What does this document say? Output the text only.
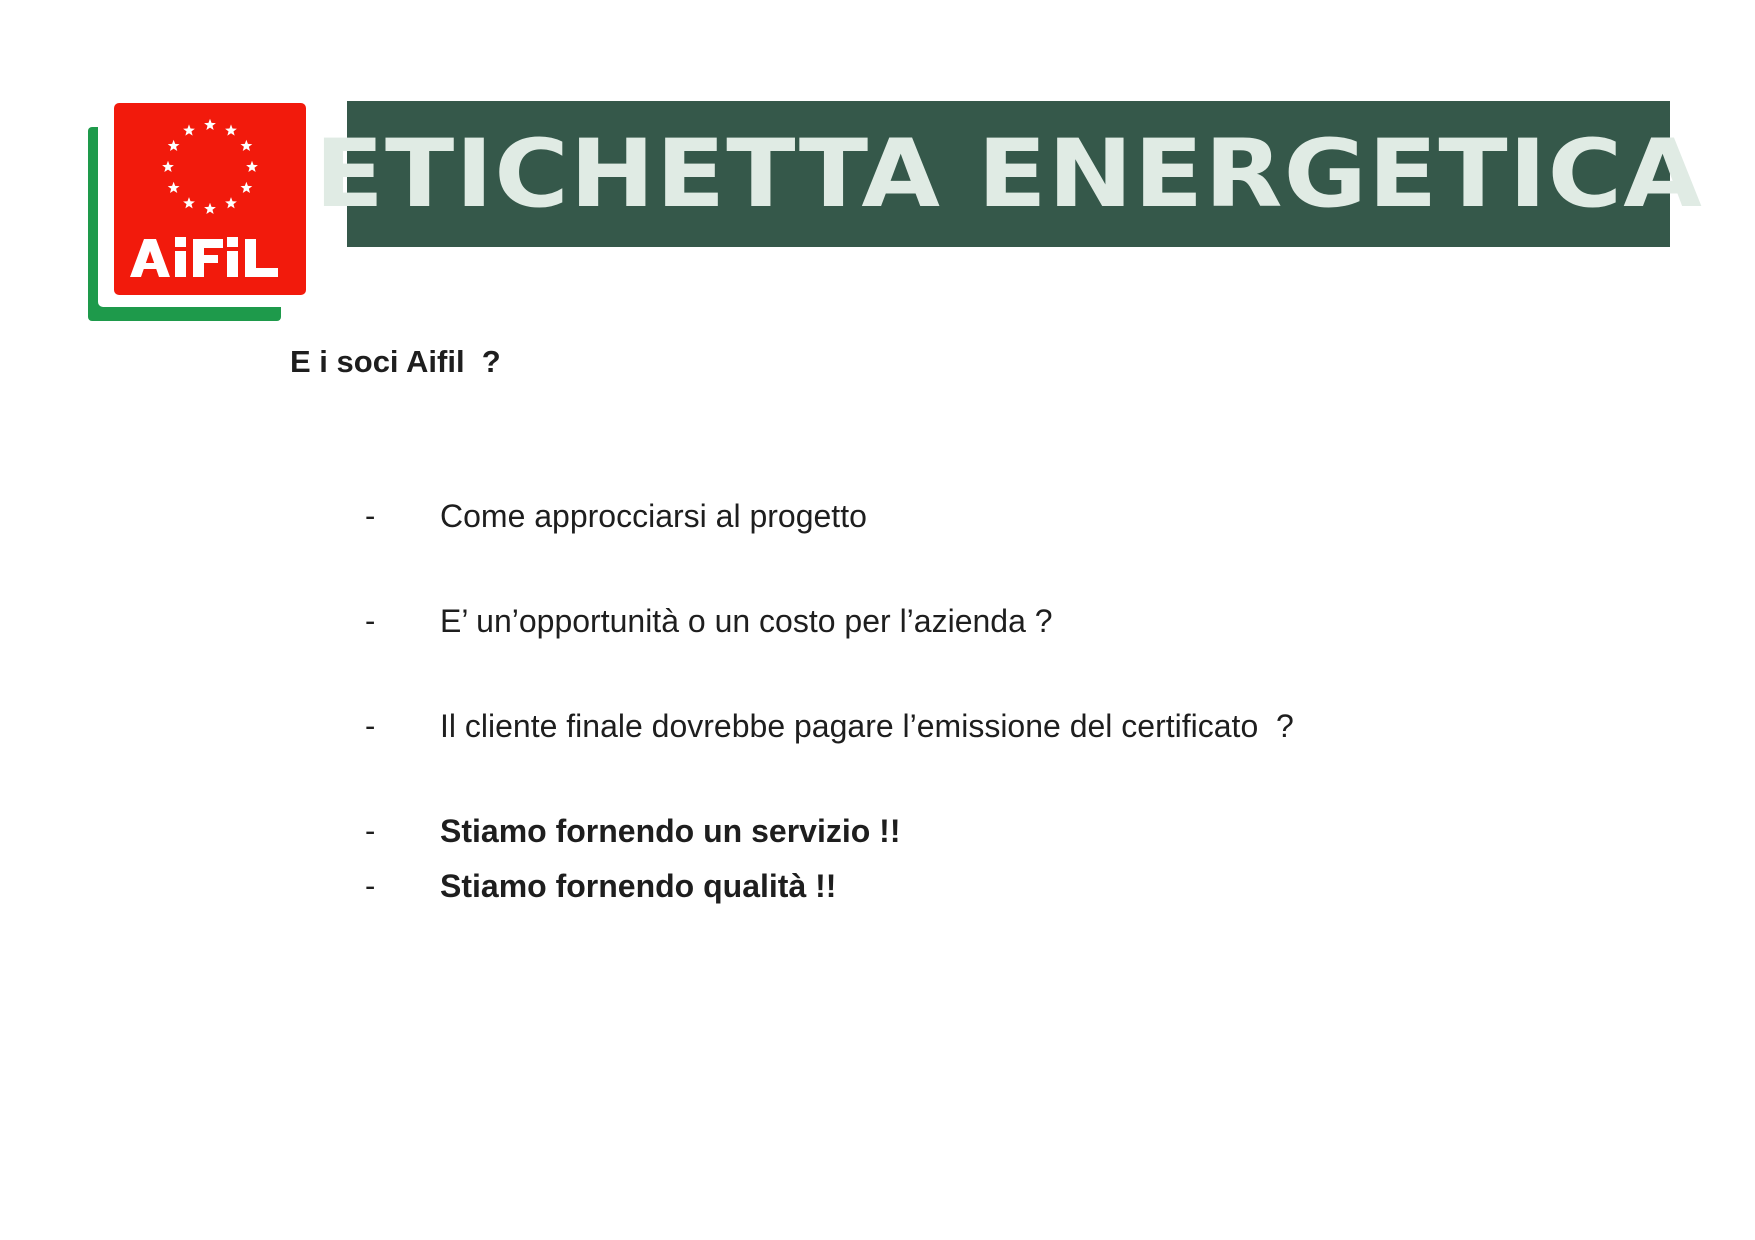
ETICHETTA ENERGETICA
E i soci Aifil  ?
- Come approcciarsi al progetto
- E’ un’opportunità o un costo per l’azienda ?
- Il cliente finale dovrebbe pagare l’emissione del certificato  ?
- Stiamo fornendo un servizio !!
- Stiamo fornendo qualità !!
